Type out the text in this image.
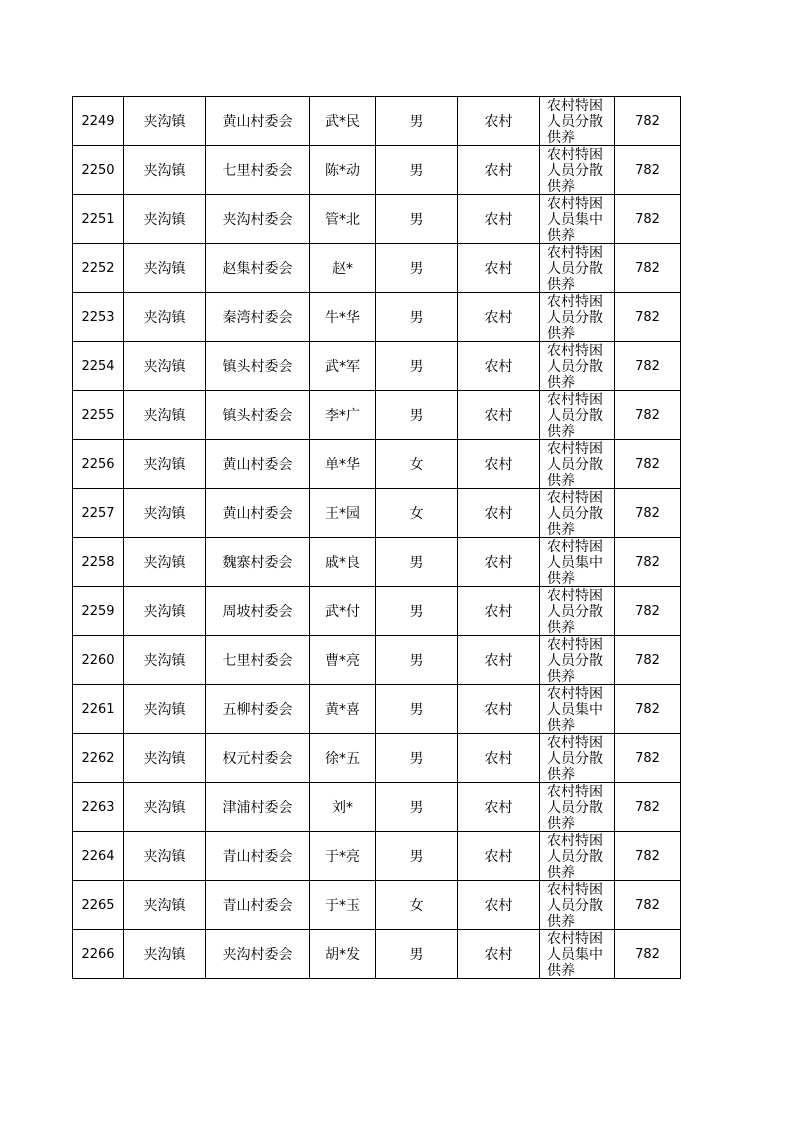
2249	夹沟镇	黄山村委会	武*民	男	农村	农村特困人员分散供养	782
2250	夹沟镇	七里村委会	陈*动	男	农村	农村特困人员分散供养	782
2251	夹沟镇	夹沟村委会	管*北	男	农村	农村特困人员集中供养	782
2252	夹沟镇	赵集村委会	赵*	男	农村	农村特困人员分散供养	782
2253	夹沟镇	秦湾村委会	牛*华	男	农村	农村特困人员分散供养	782
2254	夹沟镇	镇头村委会	武*军	男	农村	农村特困人员分散供养	782
2255	夹沟镇	镇头村委会	李*广	男	农村	农村特困人员分散供养	782
2256	夹沟镇	黄山村委会	单*华	女	农村	农村特困人员分散供养	782
2257	夹沟镇	黄山村委会	王*园	女	农村	农村特困人员分散供养	782
2258	夹沟镇	魏寨村委会	戚*良	男	农村	农村特困人员集中供养	782
2259	夹沟镇	周坡村委会	武*付	男	农村	农村特困人员分散供养	782
2260	夹沟镇	七里村委会	曹*亮	男	农村	农村特困人员分散供养	782
2261	夹沟镇	五柳村委会	黄*喜	男	农村	农村特困人员集中供养	782
2262	夹沟镇	权元村委会	徐*五	男	农村	农村特困人员分散供养	782
2263	夹沟镇	津浦村委会	刘*	男	农村	农村特困人员分散供养	782
2264	夹沟镇	青山村委会	于*亮	男	农村	农村特困人员分散供养	782
2265	夹沟镇	青山村委会	于*玉	女	农村	农村特困人员分散供养	782
2266	夹沟镇	夹沟村委会	胡*发	男	农村	农村特困人员集中供养	782
